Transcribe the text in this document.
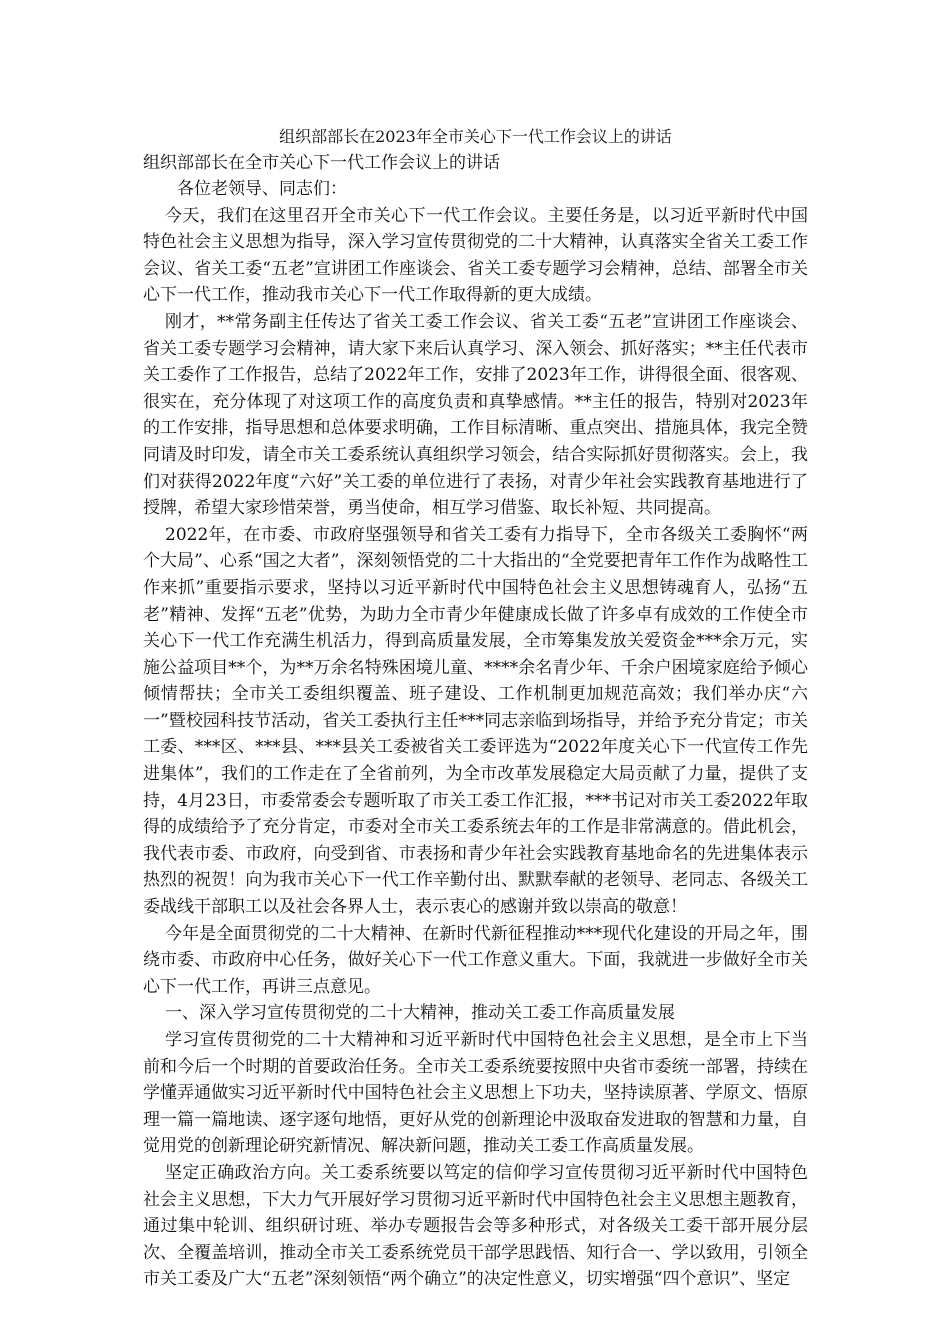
组织部部长在2023年全市关心下一代工作会议上的讲话

组织部部长在全市关心下一代工作会议上的讲话

各位老领导、同志们：

今天，我们在这里召开全市关心下一代工作会议。主要任务是，以习近平新时代中国特色社会主义思想为指导，深入学习宣传贯彻党的二十大精神，认真落实全省关工委工作会议、省关工委“五老”宣讲团工作座谈会、省关工委专题学习会精神，总结、部署全市关心下一代工作，推动我市关心下一代工作取得新的更大成绩。

刚才，**常务副主任传达了省关工委工作会议、省关工委“五老”宣讲团工作座谈会、省关工委专题学习会精神，请大家下来后认真学习、深入领会、抓好落实；**主任代表市关工委作了工作报告，总结了2022年工作，安排了2023年工作，讲得很全面、很客观、很实在，充分体现了对这项工作的高度负责和真挚感情。**主任的报告，特别对2023年的工作安排，指导思想和总体要求明确，工作目标清晰、重点突出、措施具体，我完全赞同请及时印发，请全市关工委系统认真组织学习领会，结合实际抓好贯彻落实。会上，我们对获得2022年度“六好”关工委的单位进行了表扬，对青少年社会实践教育基地进行了授牌，希望大家珍惜荣誉，勇当使命，相互学习借鉴、取长补短、共同提高。

2022年，在市委、市政府坚强领导和省关工委有力指导下，全市各级关工委胸怀“两个大局”、心系“国之大者”，深刻领悟党的二十大指出的“全党要把青年工作作为战略性工作来抓”重要指示要求，坚持以习近平新时代中国特色社会主义思想铸魂育人，弘扬“五老”精神、发挥“五老”优势，为助力全市青少年健康成长做了许多卓有成效的工作使全市关心下一代工作充满生机活力，得到高质量发展，全市筹集发放关爱资金***余万元，实施公益项目**个，为**万余名特殊困境儿童、****余名青少年、千余户困境家庭给予倾心倾情帮扶；全市关工委组织覆盖、班子建设、工作机制更加规范高效；我们举办庆“六一”暨校园科技节活动，省关工委执行主任***同志亲临到场指导，并给予充分肯定；市关工委、***区、***县、***县关工委被省关工委评选为“2022年度关心下一代宣传工作先进集体”，我们的工作走在了全省前列，为全市改革发展稳定大局贡献了力量，提供了支持，4月23日，市委常委会专题听取了市关工委工作汇报，***书记对市关工委2022年取得的成绩给予了充分肯定，市委对全市关工委系统去年的工作是非常满意的。借此机会，我代表市委、市政府，向受到省、市表扬和青少年社会实践教育基地命名的先进集体表示热烈的祝贺！向为我市关心下一代工作辛勤付出、默默奉献的老领导、老同志、各级关工委战线干部职工以及社会各界人士，表示衷心的感谢并致以崇高的敬意！

今年是全面贯彻党的二十大精神、在新时代新征程推动***现代化建设的开局之年，围绕市委、市政府中心任务，做好关心下一代工作意义重大。下面，我就进一步做好全市关心下一代工作，再讲三点意见。

一、深入学习宣传贯彻党的二十大精神，推动关工委工作高质量发展

学习宣传贯彻党的二十大精神和习近平新时代中国特色社会主义思想，是全市上下当前和今后一个时期的首要政治任务。全市关工委系统要按照中央省市委统一部署，持续在学懂弄通做实习近平新时代中国特色社会主义思想上下功夫，坚持读原著、学原文、悟原理一篇一篇地读、逐字逐句地悟，更好从党的创新理论中汲取奋发进取的智慧和力量，自觉用党的创新理论研究新情况、解决新问题，推动关工委工作高质量发展。

坚定正确政治方向。关工委系统要以笃定的信仰学习宣传贯彻习近平新时代中国特色社会主义思想，下大力气开展好学习贯彻习近平新时代中国特色社会主义思想主题教育，通过集中轮训、组织研讨班、举办专题报告会等多种形式，对各级关工委干部开展分层次、全覆盖培训，推动全市关工委系统党员干部学思践悟、知行合一、学以致用，引领全市关工委及广大“五老”深刻领悟“两个确立”的决定性意义，切实增强“四个意识”、坚定
